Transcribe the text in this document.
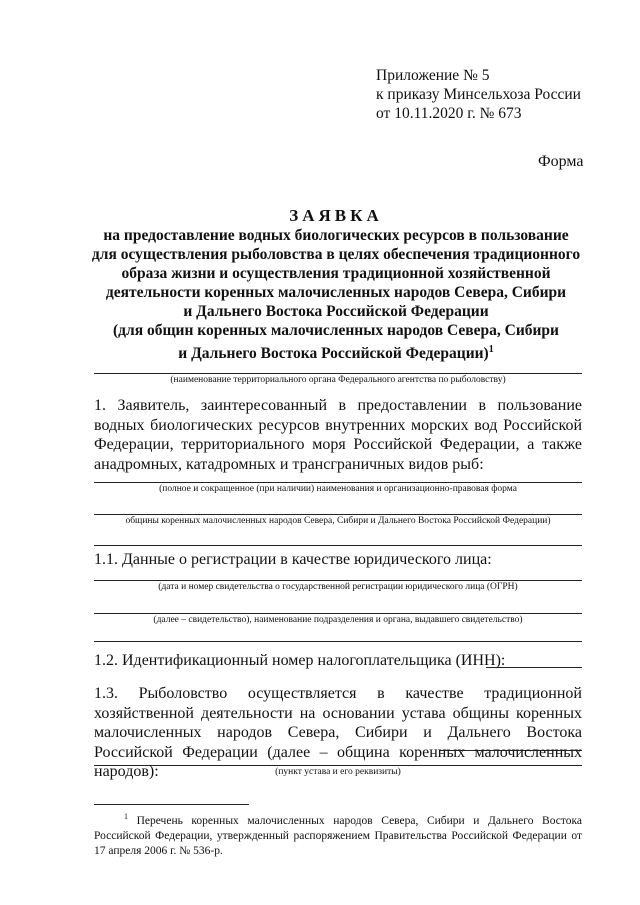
Приложение № 5
к приказу Минсельхоза России
от 10.11.2020 г. № 673
Форма
ЗАЯВКА
на предоставление водных биологических ресурсов в пользование
для осуществления рыболовства в целях обеспечения традиционного
образа жизни и осуществления традиционной хозяйственной
деятельности коренных малочисленных народов Севера, Сибири
и Дальнего Востока Российской Федерации
(для общин коренных малочисленных народов Севера, Сибири
и Дальнего Востока Российской Федерации)$^1$
(наименование территориального органа Федерального агентства по рыболовству)
1. Заявитель, заинтересованный в предоставлении в пользование водных биологических ресурсов внутренних морских вод Российской Федерации, территориального моря Российской Федерации, а также анадромных, катадромных и трансграничных видов рыб:
(полное и сокращенное (при наличии) наименования и организационно-правовая форма
общины коренных малочисленных народов Севера, Сибири и Дальнего Востока Российской Федерации)
1.1. Данные о регистрации в качестве юридического лица:
(дата и номер свидетельства о государственной регистрации юридического лица (ОГРН)
(далее – свидетельство), наименование подразделения и органа, выдавшего свидетельство)
1.2. Идентификационный номер налогоплательщика (ИНН):
1.3. Рыболовство осуществляется в качестве традиционной хозяйственной деятельности на основании устава общины коренных малочисленных народов Севера, Сибири и Дальнего Востока Российской Федерации (далее – община коренных малочисленных народов):	(пункт устава и его реквизиты)
$^1$ Перечень коренных малочисленных народов Севера, Сибири и Дальнего Востока Российской Федерации, утвержденный распоряжением Правительства Российской Федерации от 17 апреля 2006 г. № 536-р.
